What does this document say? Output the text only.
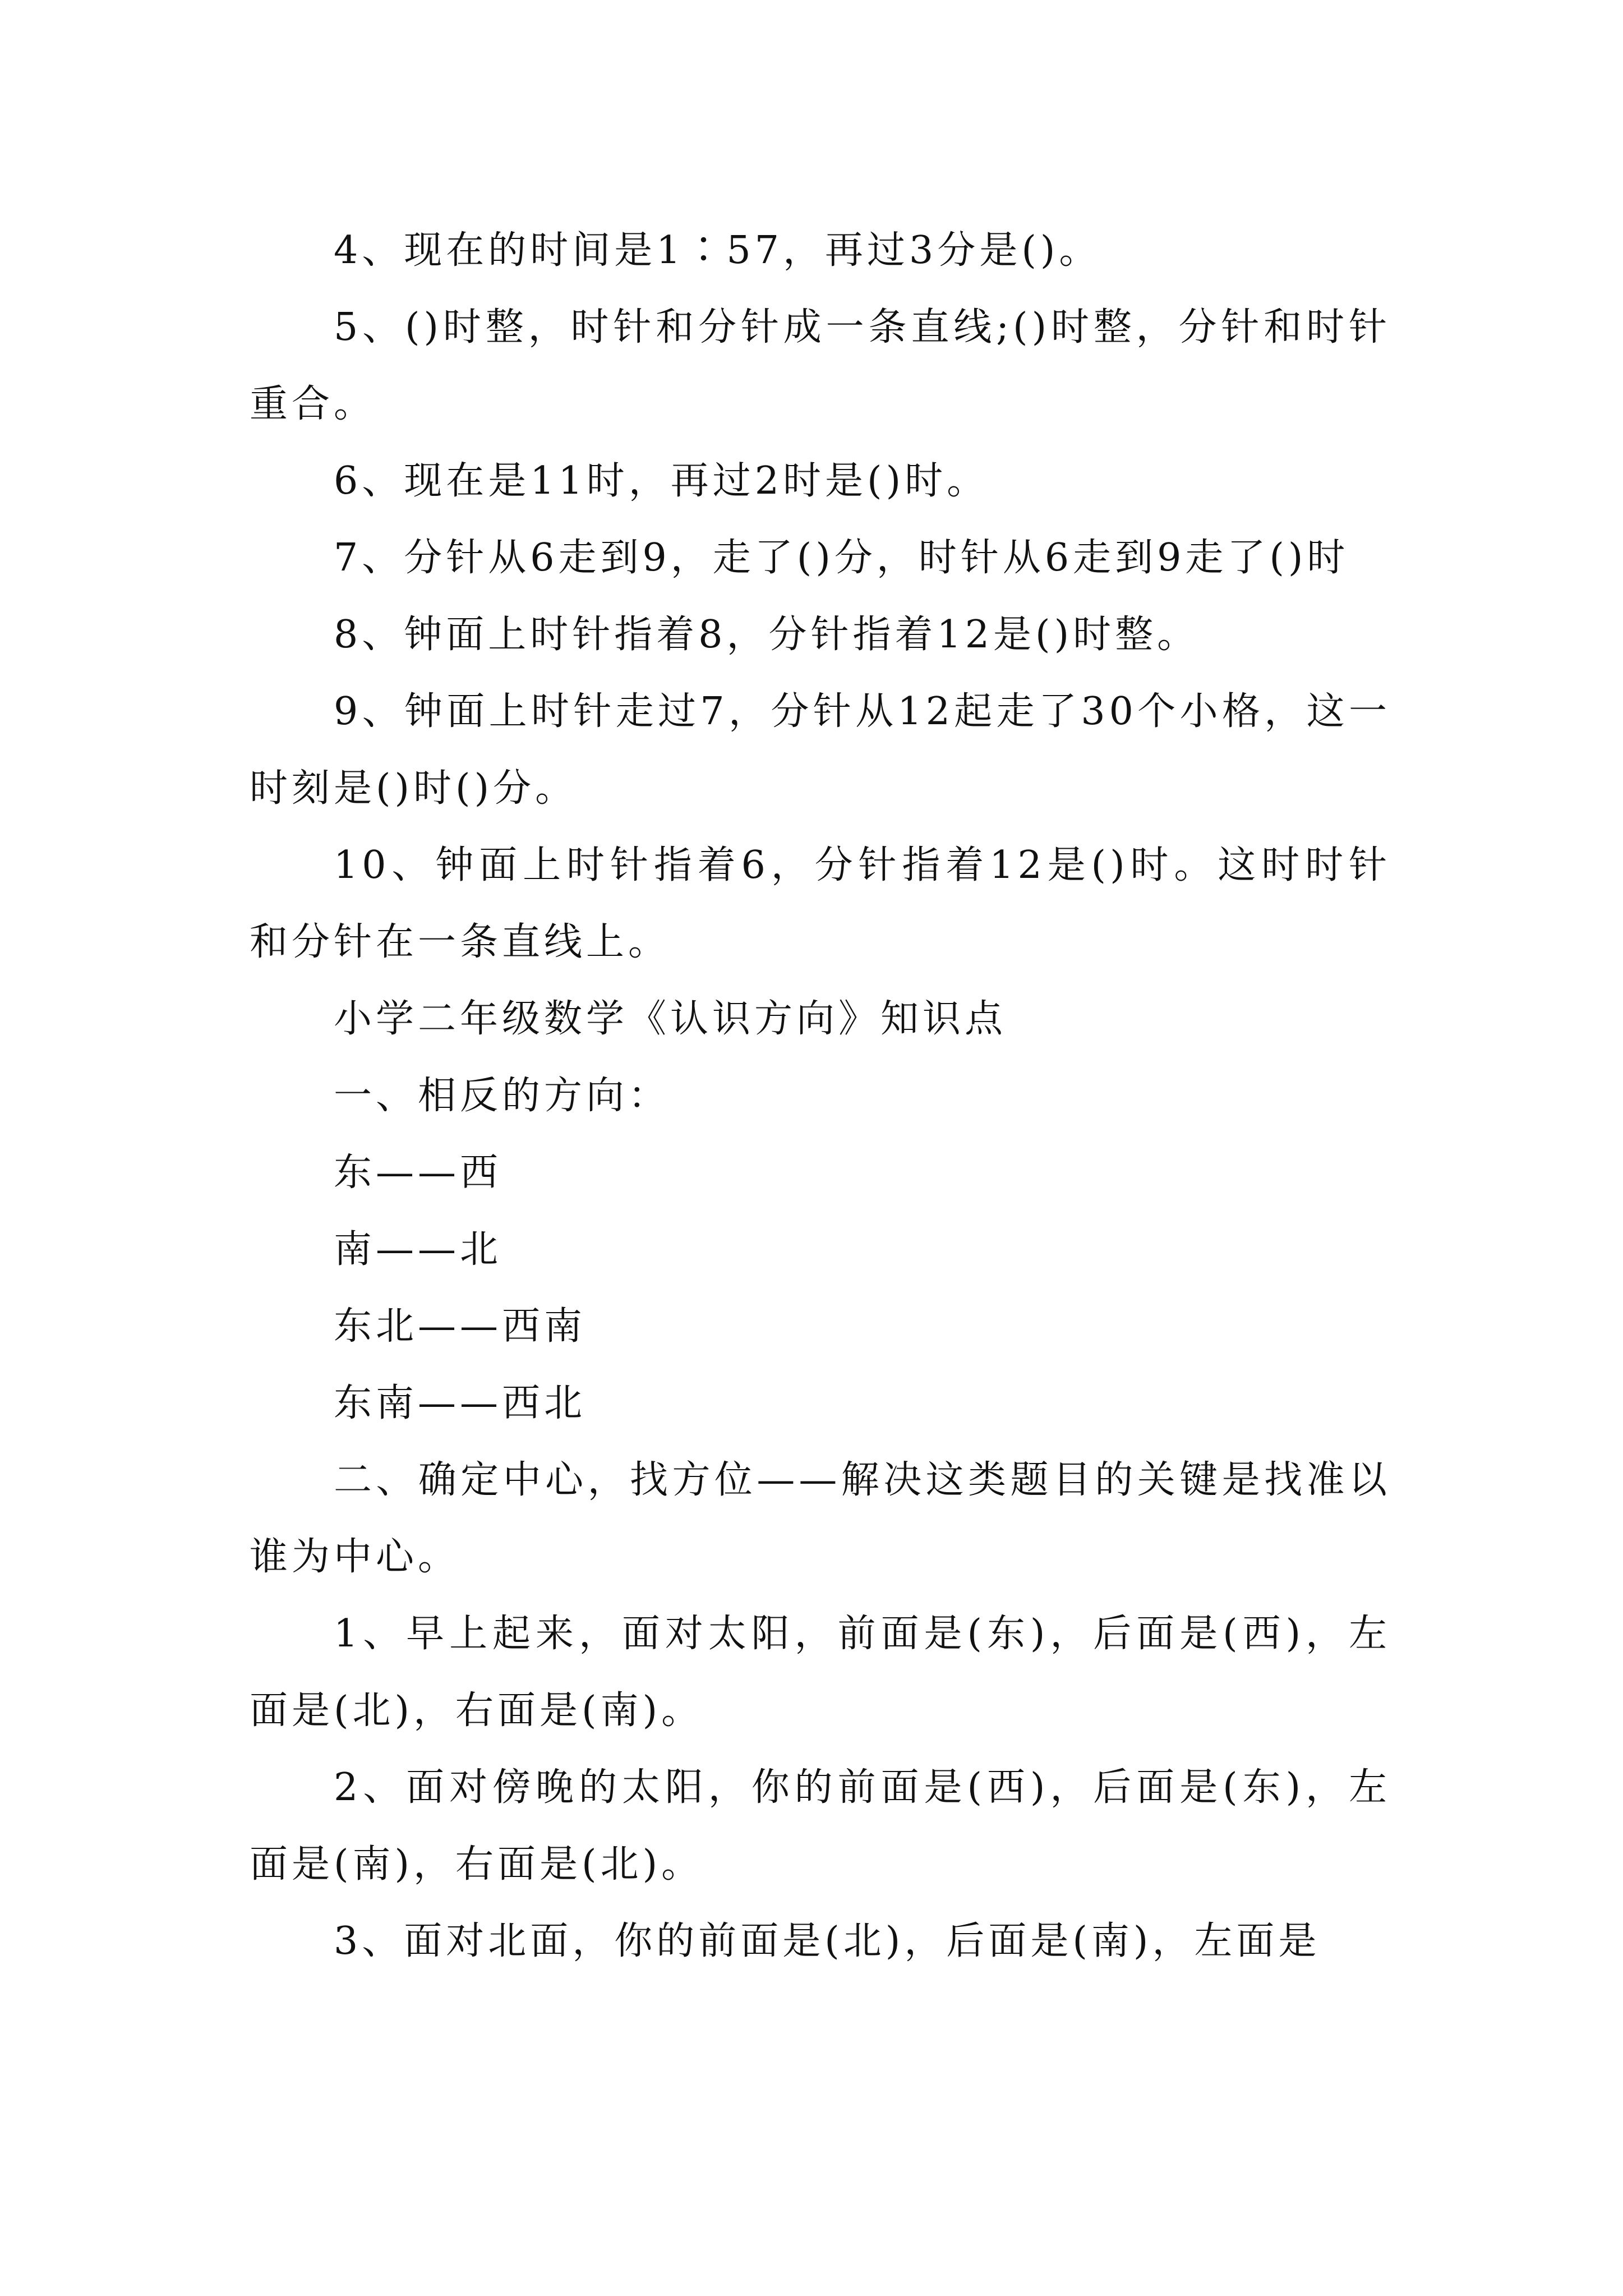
4、现在的时间是1∶57，再过3分是()。

5、()时整，时针和分针成一条直线;()时整，分针和时针重合。

6、现在是11时，再过2时是()时。

7、分针从6走到9，走了()分，时针从6走到9走了()时

8、钟面上时针指着8，分针指着12是()时整。

9、钟面上时针走过7，分针从12起走了30个小格，这一时刻是()时()分。

10、钟面上时针指着6，分针指着12是()时。这时时针和分针在一条直线上。

小学二年级数学《认识方向》知识点

一、相反的方向：

东——西

南——北

东北——西南

东南——西北

二、确定中心，找方位——解决这类题目的关键是找准以谁为中心。

1、早上起来，面对太阳，前面是(东)，后面是(西)，左面是(北)，右面是(南)。

2、面对傍晚的太阳，你的前面是(西)，后面是(东)，左面是(南)，右面是(北)。

3、面对北面，你的前面是(北)，后面是(南)，左面是
